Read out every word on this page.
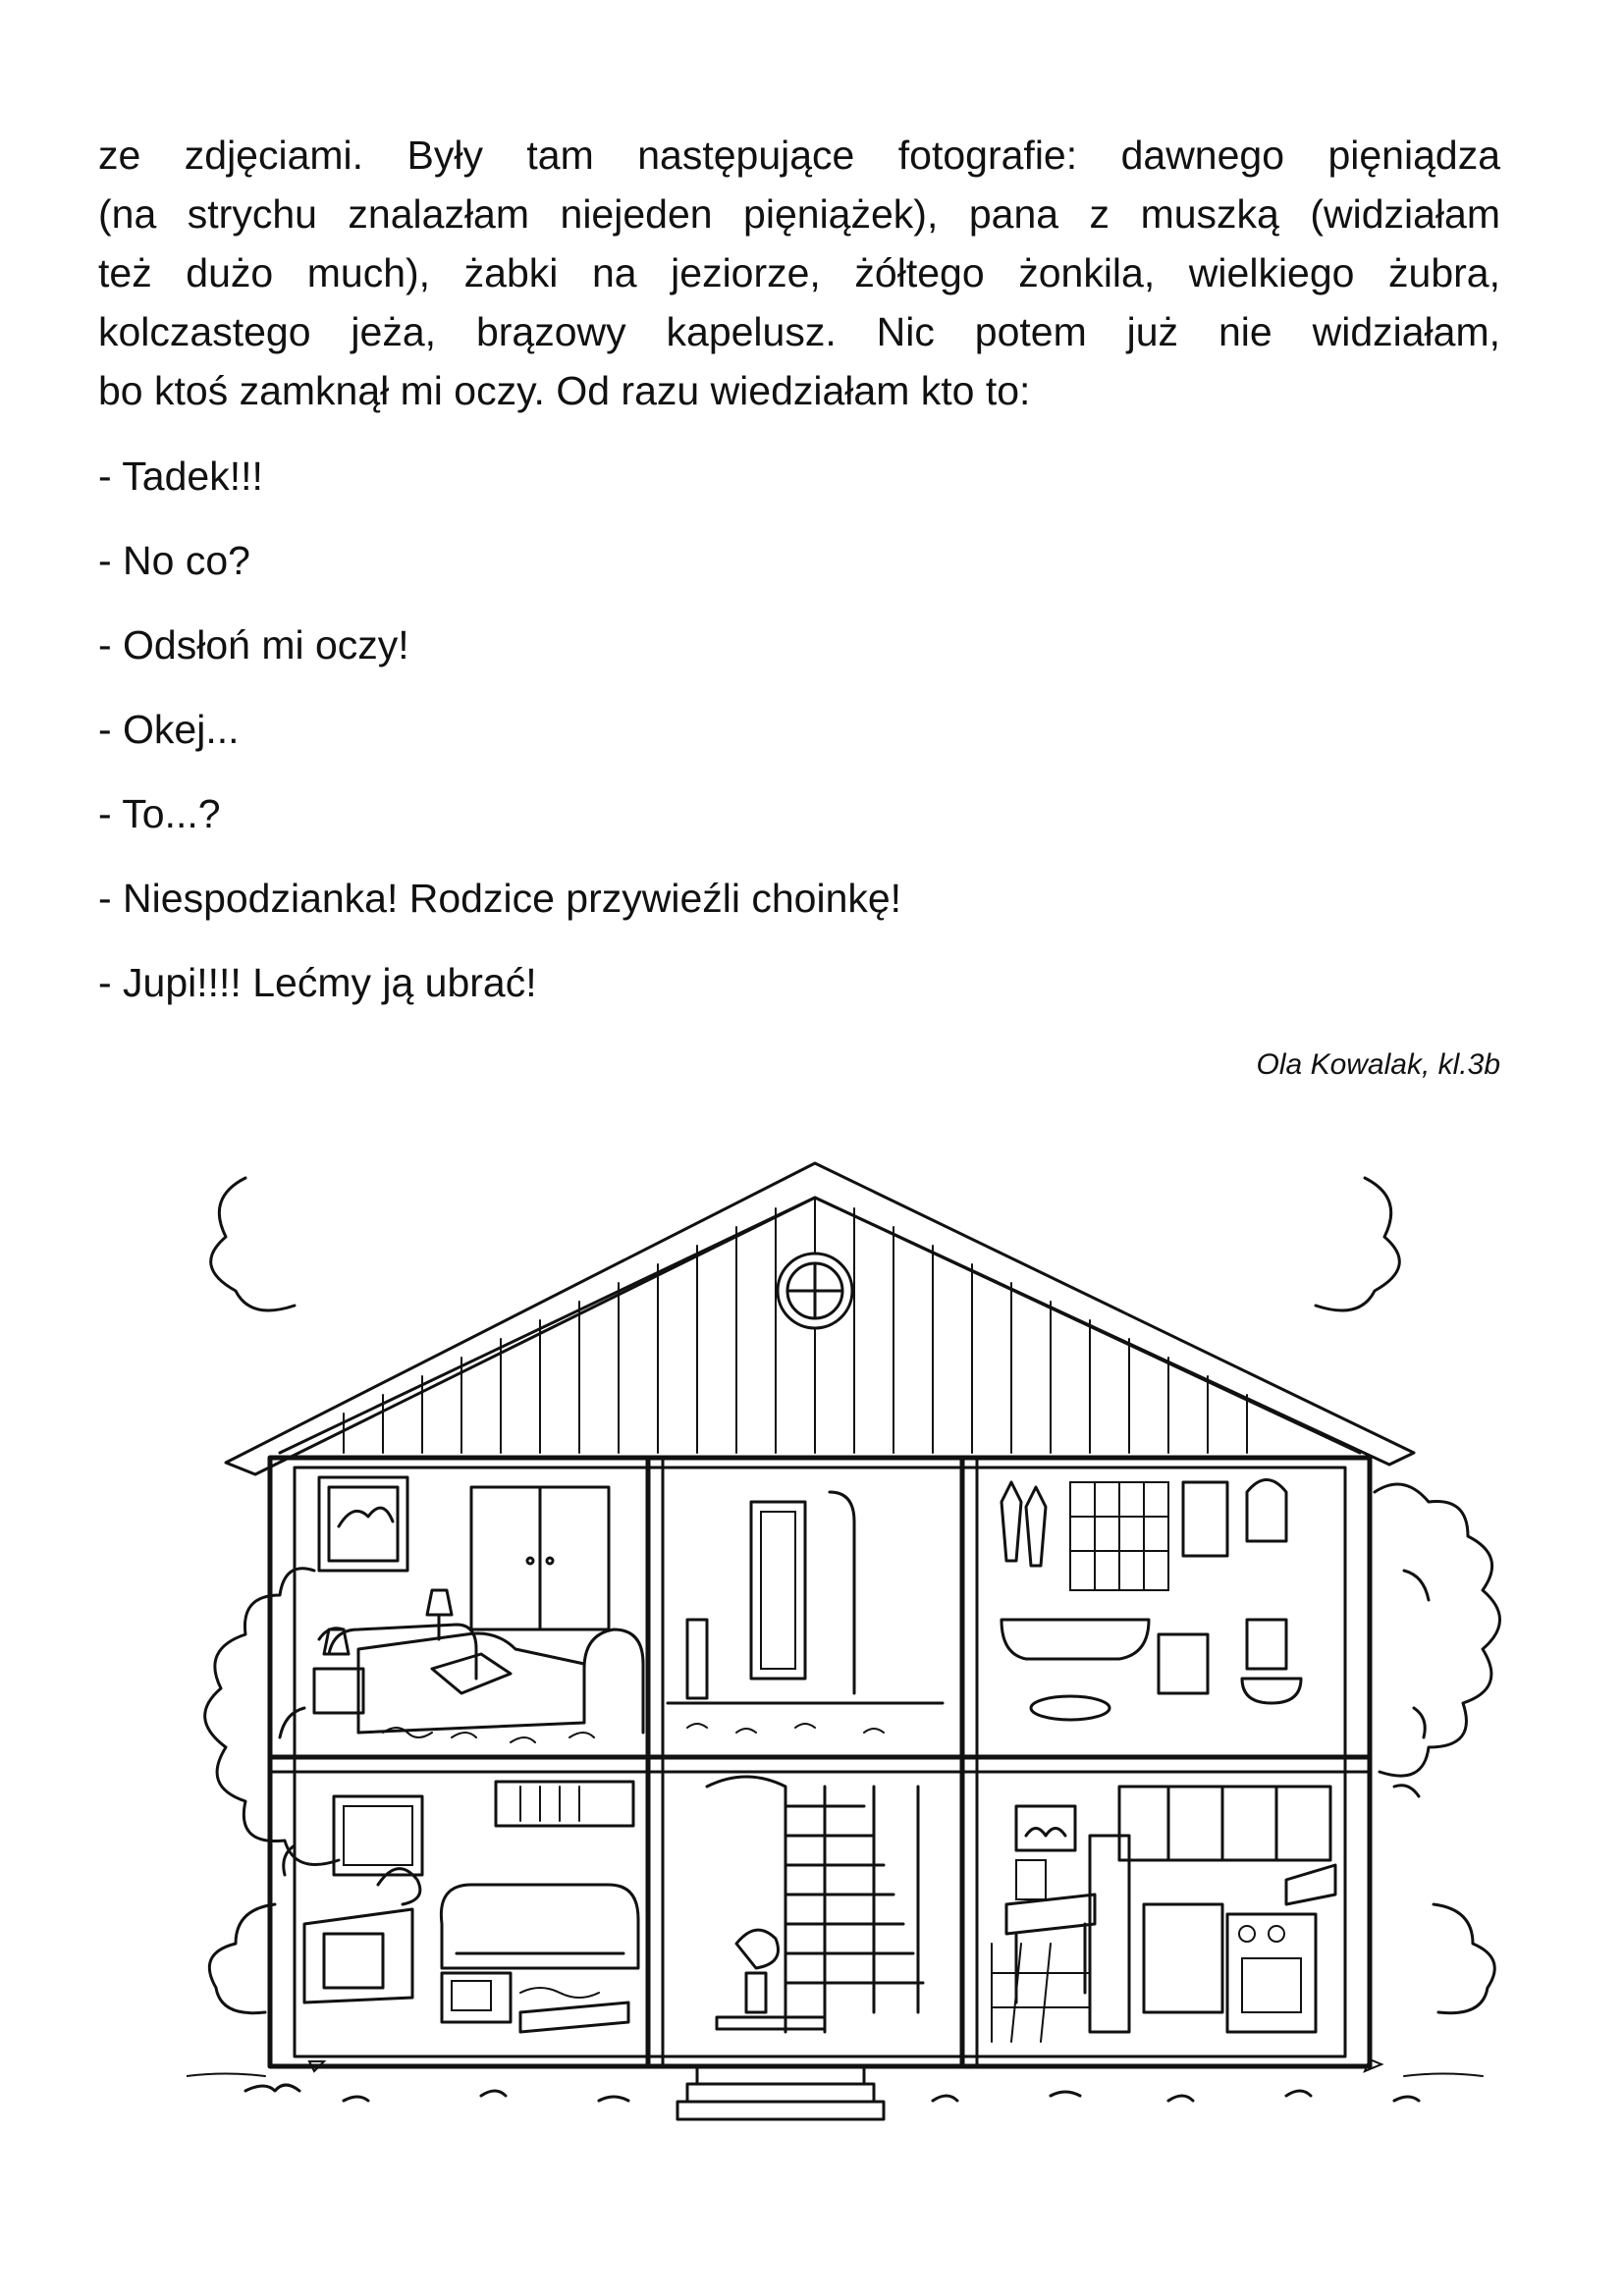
ze zdjęciami. Były tam następujące fotografie: dawnego pięniądza
(na strychu znalazłam niejeden pięniążek), pana z muszką (widziałam
też dużo much), żabki na jeziorze, żółtego żonkila, wielkiego żubra,
kolczastego jeża, brązowy kapelusz. Nic potem już nie widziałam,
bo ktoś zamknął mi oczy. Od razu wiedziałam kto to:
- Tadek!!!
- No co?
- Odsłoń mi oczy!
- Okej...
- To...?
- Niespodzianka! Rodzice przywieźli choinkę!
- Jupi!!!! Lećmy ją ubrać!
Ola Kowalak, kl.3b
